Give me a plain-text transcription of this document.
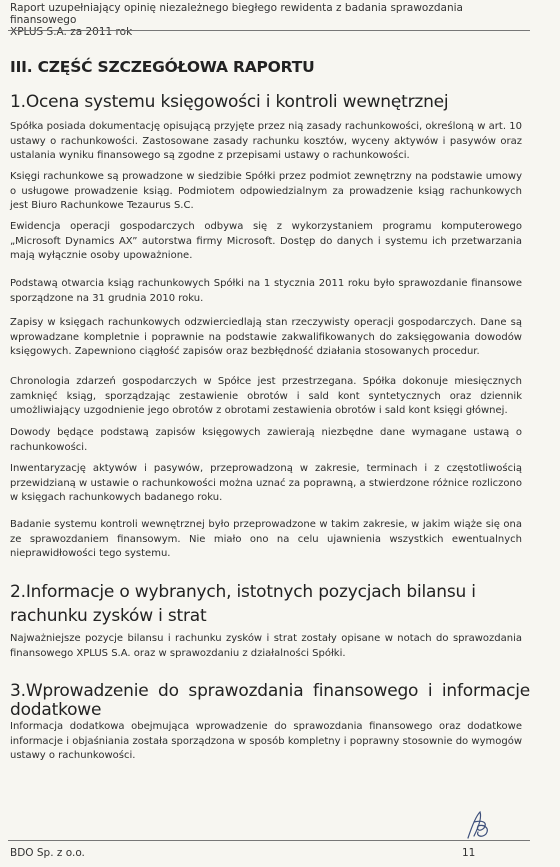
Raport uzupełniający opinię niezależnego biegłego rewidenta z badania sprawozdania finansowego
XPLUS S.A. za 2011 rok
III. CZĘŚĆ SZCZEGÓŁOWA RAPORTU
1.Ocena systemu księgowości i kontroli wewnętrznej

Spółka posiada dokumentację opisującą przyjęte przez nią zasady rachunkowości, określoną w art. 10 ustawy o rachunkowości. Zastosowane zasady rachunku kosztów, wyceny aktywów i pasywów oraz ustalania wyniku finansowego są zgodne z przepisami ustawy o rachunkowości.

Księgi rachunkowe są prowadzone w siedzibie Spółki przez podmiot zewnętrzny na podstawie umowy o usługowe prowadzenie ksiąg. Podmiotem odpowiedzialnym za prowadzenie ksiąg rachunkowych jest Biuro Rachunkowe Tezaurus S.C.

Ewidencja operacji gospodarczych odbywa się z wykorzystaniem programu komputerowego „Microsoft Dynamics AX” autorstwa firmy Microsoft. Dostęp do danych i systemu ich przetwarzania mają wyłącznie osoby upoważnione.

Podstawą otwarcia ksiąg rachunkowych Spółki na 1 stycznia 2011 roku było sprawozdanie finansowe sporządzone na 31 grudnia 2010 roku.

Zapisy w księgach rachunkowych odzwierciedlają stan rzeczywisty operacji gospodarczych. Dane są wprowadzane kompletnie i poprawnie na podstawie zakwalifikowanych do zaksięgowania dowodów księgowych. Zapewniono ciągłość zapisów oraz bezbłędność działania stosowanych procedur.

Chronologia zdarzeń gospodarczych w Spółce jest przestrzegana. Spółka dokonuje miesięcznych zamknięć ksiąg, sporządzając zestawienie obrotów i sald kont syntetycznych oraz dziennik umożliwiający uzgodnienie jego obrotów z obrotami zestawienia obrotów i sald kont księgi głównej.

Dowody będące podstawą zapisów księgowych zawierają niezbędne dane wymagane ustawą o rachunkowości.

Inwentaryzację aktywów i pasywów, przeprowadzoną w zakresie, terminach i z częstotliwością przewidzianą w ustawie o rachunkowości można uznać za poprawną, a stwierdzone różnice rozliczono w księgach rachunkowych badanego roku.

Badanie systemu kontroli wewnętrznej było przeprowadzone w takim zakresie, w jakim wiąże się ona ze sprawozdaniem finansowym. Nie miało ono na celu ujawnienia wszystkich ewentualnych nieprawidłowości tego systemu.

2.Informacje o wybranych, istotnych pozycjach bilansu i rachunku zysków i strat

Najważniejsze pozycje bilansu i rachunku zysków i strat zostały opisane w notach do sprawozdania finansowego XPLUS S.A. oraz w sprawozdaniu z działalności Spółki.

3.Wprowadzenie do sprawozdania finansowego i informacje dodatkowe

Informacja dodatkowa obejmująca wprowadzenie do sprawozdania finansowego oraz dodatkowe informacje i objaśniania została sporządzona w sposób kompletny i poprawny stosownie do wymogów ustawy o rachunkowości.

BDO Sp. z o.o.	11
